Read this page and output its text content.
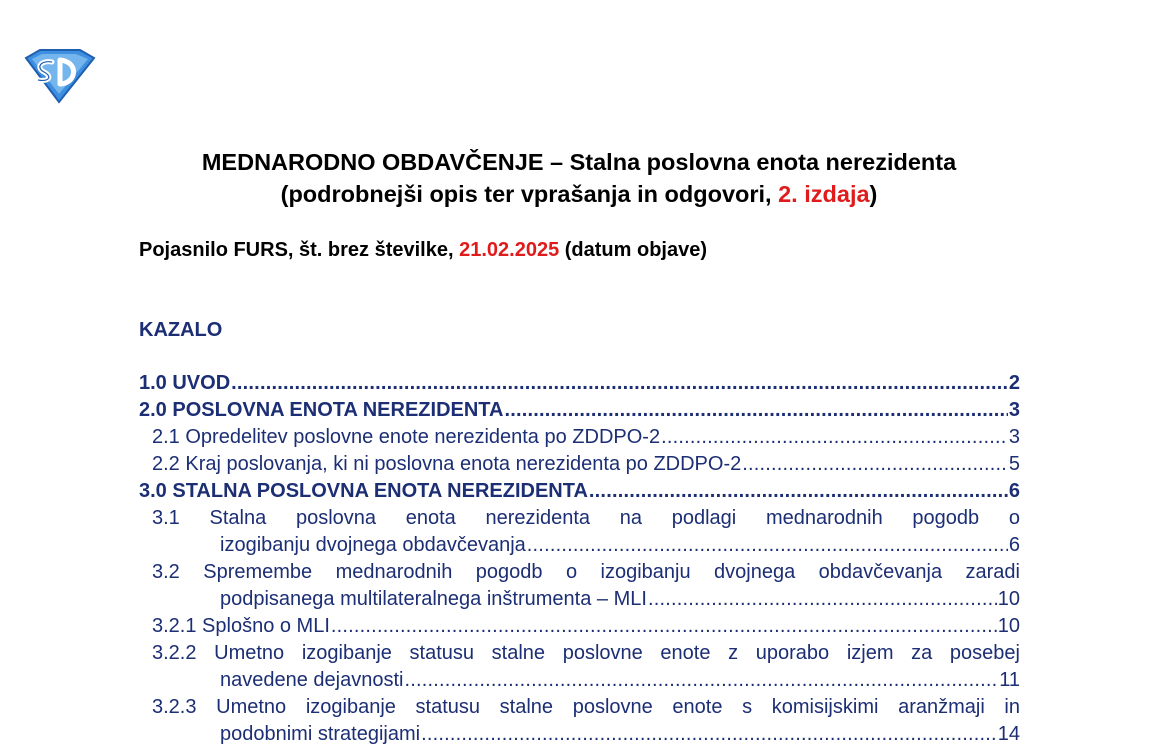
MEDNARODNO OBDAVČENJE – Stalna poslovna enota nerezidenta
(podrobnejši opis ter vprašanja in odgovori, 2. izdaja)
Pojasnilo FURS, št. brez številke, 21.02.2025 (datum objave)
KAZALO
1.0 UVOD .....	2
2.0 POSLOVNA ENOTA NEREZIDENTA .....	3
2.1 Opredelitev poslovne enote nerezidenta po ZDDPO-2 .....	3
2.2 Kraj poslovanja, ki ni poslovna enota nerezidenta po ZDDPO-2 .....	5
3.0 STALNA POSLOVNA ENOTA NEREZIDENTA .....	6
3.1 Stalna poslovna enota nerezidenta na podlagi mednarodnih pogodb o
izogibanju dvojnega obdavčevanja .....	6
3.2 Spremembe mednarodnih pogodb o izogibanju dvojnega obdavčevanja zaradi
podpisanega multilateralnega inštrumenta – MLI .....	10
3.2.1 Splošno o MLI .....	10
3.2.2 Umetno izogibanje statusu stalne poslovne enote z uporabo izjem za posebej
navedene dejavnosti .....	11
3.2.3 Umetno izogibanje statusu stalne poslovne enote s komisijskimi aranžmaji in
podobnimi strategijami .....	14
